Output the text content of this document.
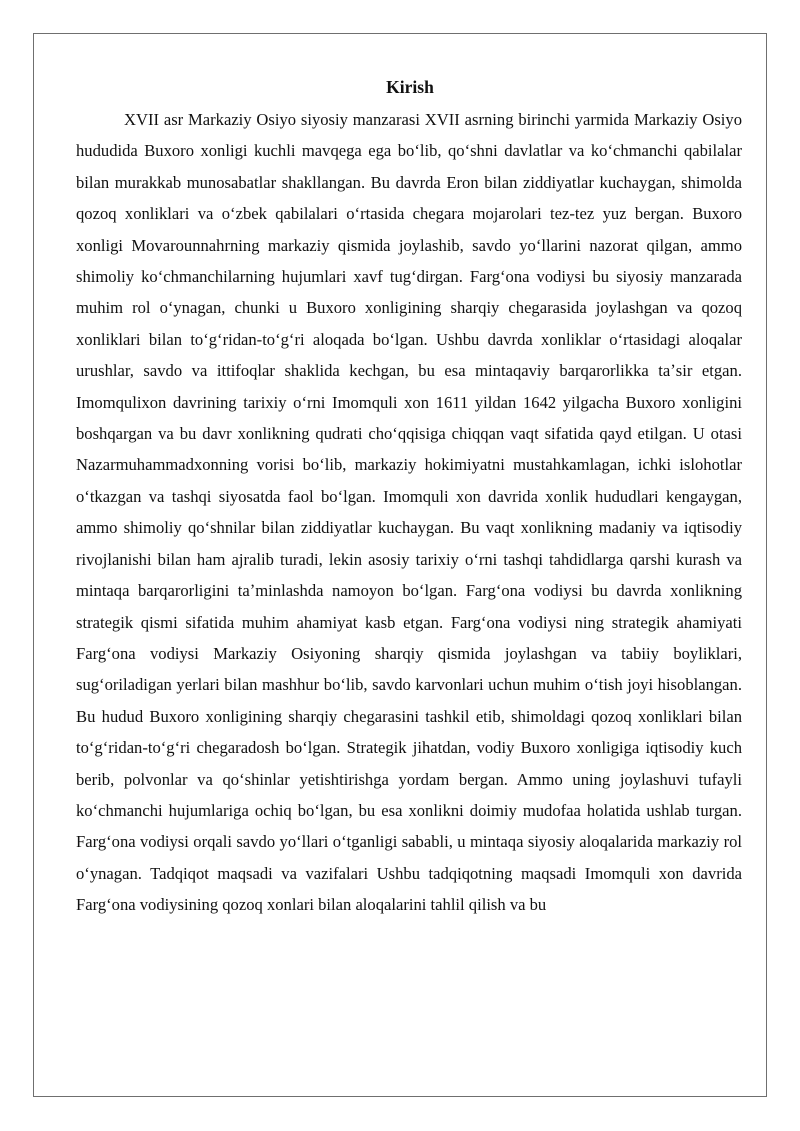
Kirish

XVII asr Markaziy Osiyo siyosiy manzarasi XVII asrning birinchi yarmida Markaziy Osiyo hududida Buxoro xonligi kuchli mavqega ega boʻlib, qoʻshni davlatlar va koʻchmanchi qabilalar bilan murakkab munosabatlar shakllangan. Bu davrda Eron bilan ziddiyatlar kuchaygan, shimolda qozoq xonliklari va oʻzbek qabilalari oʻrtasida chegara mojarolari tez-tez yuz bergan. Buxoro xonligi Movarounnahrning markaziy qismida joylashib, savdo yoʻllarini nazorat qilgan, ammo shimoliy koʻchmanchilarning hujumlari xavf tugʻdirgan. Fargʻona vodiysi bu siyosiy manzarada muhim rol oʻynagan, chunki u Buxoro xonligining sharqiy chegarasida joylashgan va qozoq xonliklari bilan toʻgʻridan-toʻgʻri aloqada boʻlgan. Ushbu davrda xonliklar oʻrtasidagi aloqalar urushlar, savdo va ittifoqlar shaklida kechgan, bu esa mintaqaviy barqarorlikka taʼsir etgan. Imomqulixon davrining tarixiy oʻrni Imomquli xon 1611 yildan 1642 yilgacha Buxoro xonligini boshqargan va bu davr xonlikning qudrati choʻqqisiga chiqqan vaqt sifatida qayd etilgan. U otasi Nazarmuhammadxonning vorisi boʻlib, markaziy hokimiyatni mustahkamlagan, ichki islohotlar oʻtkazgan va tashqi siyosatda faol boʻlgan. Imomquli xon davrida xonlik hududlari kengaygan, ammo shimoliy qoʻshnilar bilan ziddiyatlar kuchaygan. Bu vaqt xonlikning madaniy va iqtisodiy rivojlanishi bilan ham ajralib turadi, lekin asosiy tarixiy oʻrni tashqi tahdidlarga qarshi kurash va mintaqa barqarorligini taʼminlashda namoyon boʻlgan. Fargʻona vodiysi bu davrda xonlikning strategik qismi sifatida muhim ahamiyat kasb etgan. Fargʻona vodiysi ning strategik ahamiyati Fargʻona vodiysi Markaziy Osiyoning sharqiy qismida joylashgan va tabiiy boyliklari, sugʻoriladigan yerlari bilan mashhur boʻlib, savdo karvonlari uchun muhim oʻtish joyi hisoblangan. Bu hudud Buxoro xonligining sharqiy chegarasini tashkil etib, shimoldagi qozoq xonliklari bilan toʻgʻridan-toʻgʻri chegaradosh boʻlgan. Strategik jihatdan, vodiy Buxoro xonligiga iqtisodiy kuch berib, polvonlar va qoʻshinlar yetishtirishga yordam bergan. Ammo uning joylashuvi tufayli koʻchmanchi hujumlariga ochiq boʻlgan, bu esa xonlikni doimiy mudofaa holatida ushlab turgan. Fargʻona vodiysi orqali savdo yoʻllari oʻtganligi sababli, u mintaqa siyosiy aloqalarida markaziy rol oʻynagan. Tadqiqot maqsadi va vazifalari Ushbu tadqiqotning maqsadi Imomquli xon davrida Fargʻona vodiysining qozoq xonlari bilan aloqalarini tahlil qilish va bu
